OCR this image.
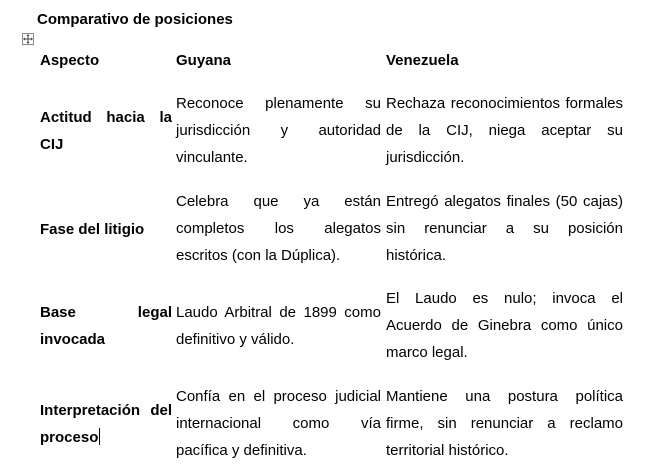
Comparativo de posiciones
Aspecto	Guyana	Venezuela
Actitud hacia la CIJ
Reconoce plenamente su jurisdicción y autoridad vinculante.
Rechaza reconocimientos formales de la CIJ, niega aceptar su jurisdicción.
Fase del litigio
Celebra que ya están completos los alegatos escritos (con la Dúplica).
Entregó alegatos finales (50 cajas) sin renunciar a su posición histórica.
Base legal invocada
Laudo Arbitral de 1899 como definitivo y válido.
El Laudo es nulo; invoca el Acuerdo de Ginebra como único marco legal.
Interpretación del proceso
Confía en el proceso judicial internacional como vía pacífica y definitiva.
Mantiene una postura política firme, sin renunciar a reclamo territorial histórico.
